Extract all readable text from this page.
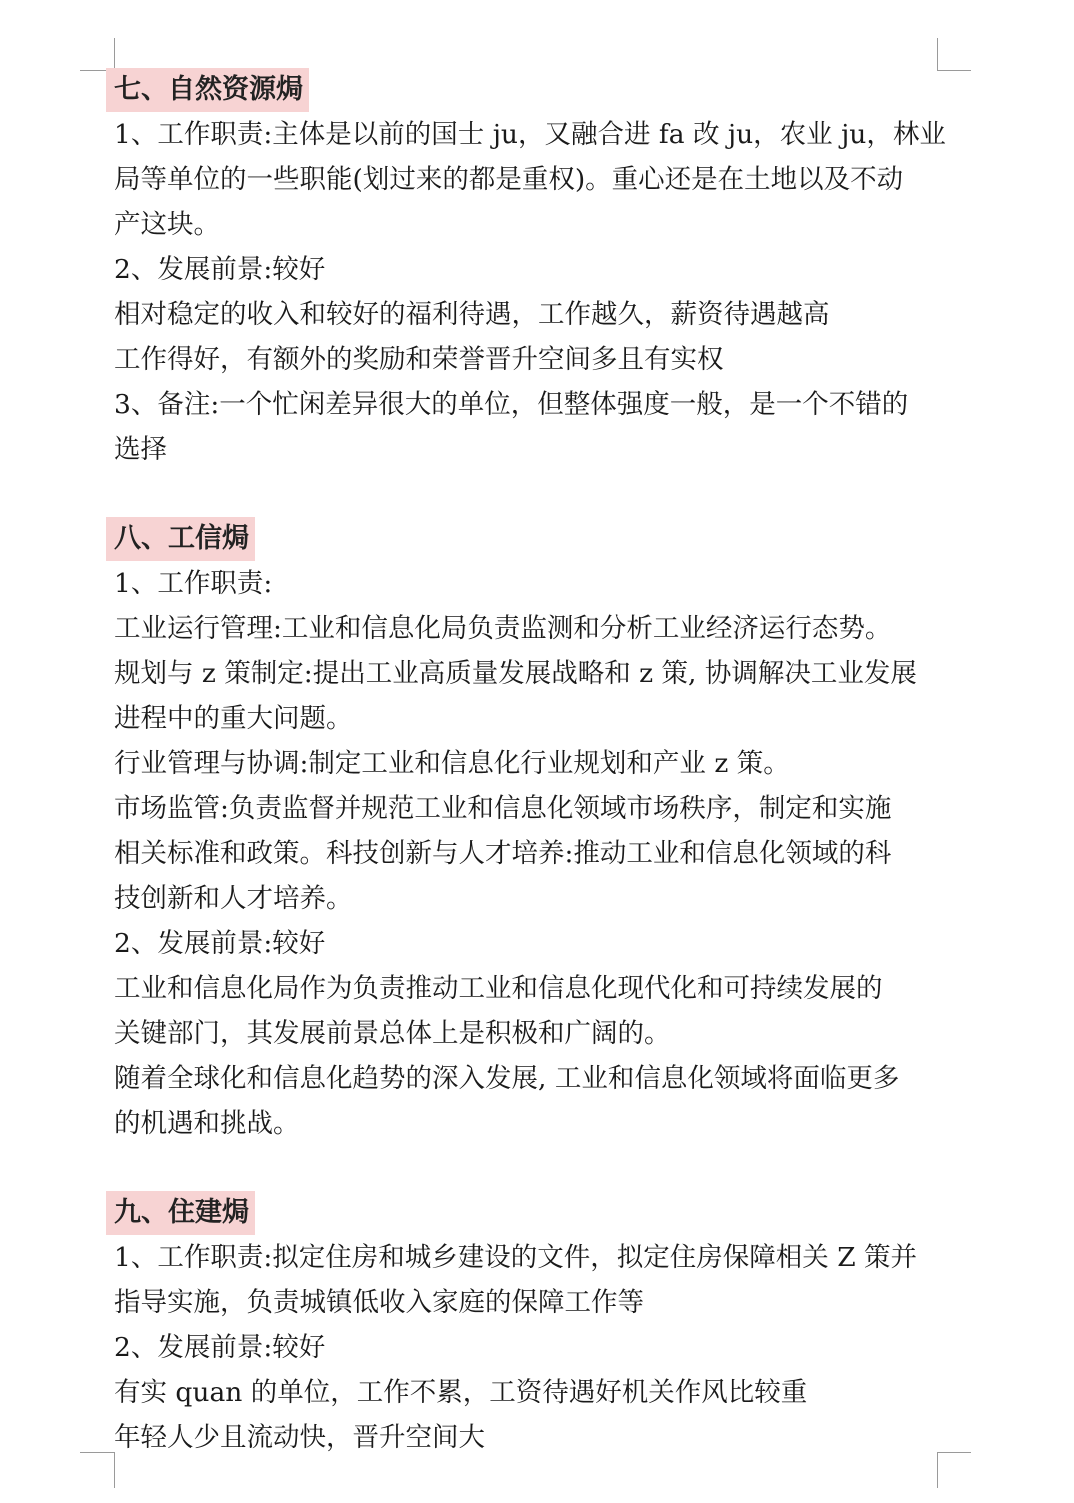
七、自然资源焗
1、工作职责:主体是以前的国士 ju，又融合进 fa 改 ju，农业 ju，林业
局等单位的一些职能(划过来的都是重权)。重心还是在土地以及不动
产这块。
2、发展前景:较好
相对稳定的收入和较好的福利待遇，工作越久，薪资待遇越高
工作得好，有额外的奖励和荣誉晋升空间多且有实权
3、备注:一个忙闲差异很大的单位，但整体强度一般，是一个不错的
选择
八、工信焗
1、工作职责:
工业运行管理:工业和信息化局负责监测和分析工业经济运行态势。
规划与 z 策制定:提出工业高质量发展战略和 z 策, 协调解决工业发展
进程中的重大问题。
行业管理与协调:制定工业和信息化行业规划和产业 z 策。
市场监管:负责监督并规范工业和信息化领域市场秩序，制定和实施
相关标准和政策。科技创新与人才培养:推动工业和信息化领域的科
技创新和人才培养。
2、发展前景:较好
工业和信息化局作为负责推动工业和信息化现代化和可持续发展的
关键部门，其发展前景总体上是积极和广阔的。
随着全球化和信息化趋势的深入发展, 工业和信息化领域将面临更多
的机遇和挑战。
九、住建焗
1、工作职责:拟定住房和城乡建设的文件，拟定住房保障相关 Z 策并
指导实施，负责城镇低收入家庭的保障工作等
2、发展前景:较好
有实 quan 的单位，工作不累，工资待遇好机关作风比较重
年轻人少且流动快，晋升空间大
